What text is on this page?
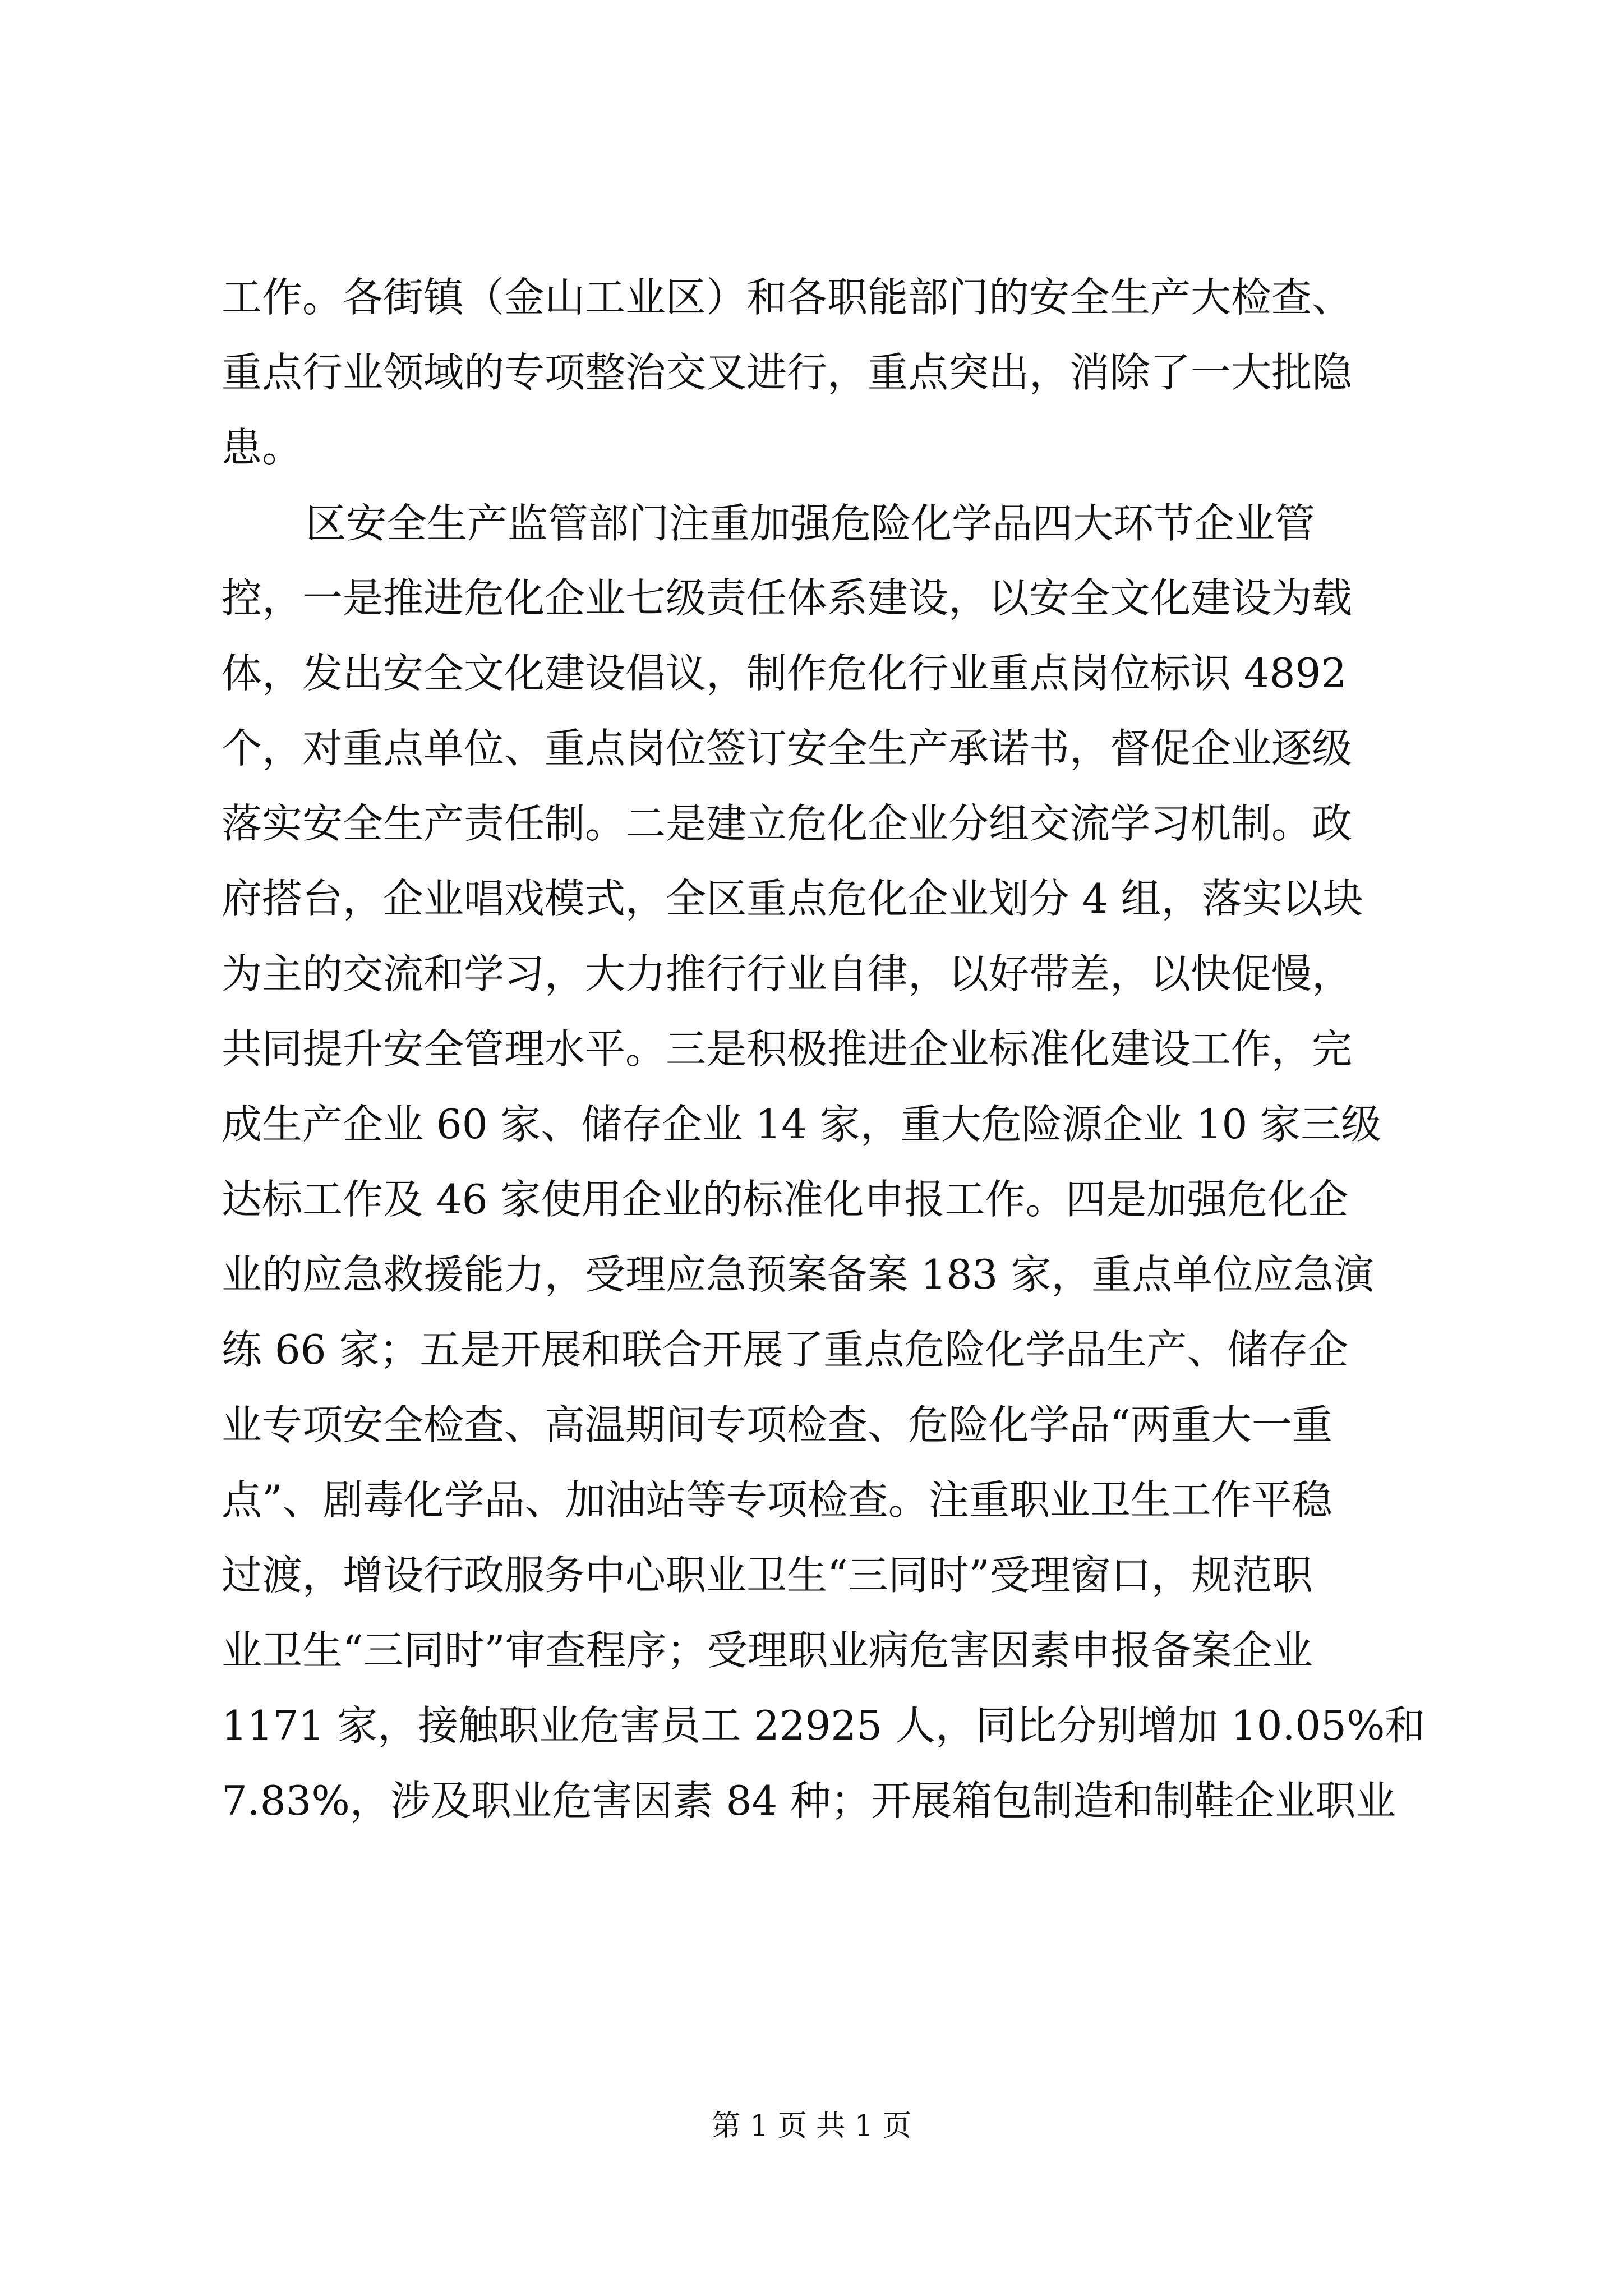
工作。各街镇（金山工业区）和各职能部门的安全生产大检查、
重点行业领域的专项整治交叉进行，重点突出，消除了一大批隐
患。
区安全生产监管部门注重加强危险化学品四大环节企业管
控，一是推进危化企业七级责任体系建设，以安全文化建设为载
体，发出安全文化建设倡议，制作危化行业重点岗位标识 4892
个，对重点单位、重点岗位签订安全生产承诺书，督促企业逐级
落实安全生产责任制。二是建立危化企业分组交流学习机制。政
府搭台，企业唱戏模式，全区重点危化企业划分 4 组，落实以块
为主的交流和学习，大力推行行业自律，以好带差，以快促慢，
共同提升安全管理水平。三是积极推进企业标准化建设工作，完
成生产企业 60 家、储存企业 14 家，重大危险源企业 10 家三级
达标工作及 46 家使用企业的标准化申报工作。四是加强危化企
业的应急救援能力，受理应急预案备案 183 家，重点单位应急演
练 66 家；五是开展和联合开展了重点危险化学品生产、储存企
业专项安全检查、高温期间专项检查、危险化学品“两重大一重
点”、剧毒化学品、加油站等专项检查。注重职业卫生工作平稳
过渡，增设行政服务中心职业卫生“三同时”受理窗口，规范职
业卫生“三同时”审查程序；受理职业病危害因素申报备案企业
1171 家，接触职业危害员工 22925 人，同比分别增加 10.05%和
7.83%，涉及职业危害因素 84 种；开展箱包制造和制鞋企业职业
第 1 页 共 1 页
